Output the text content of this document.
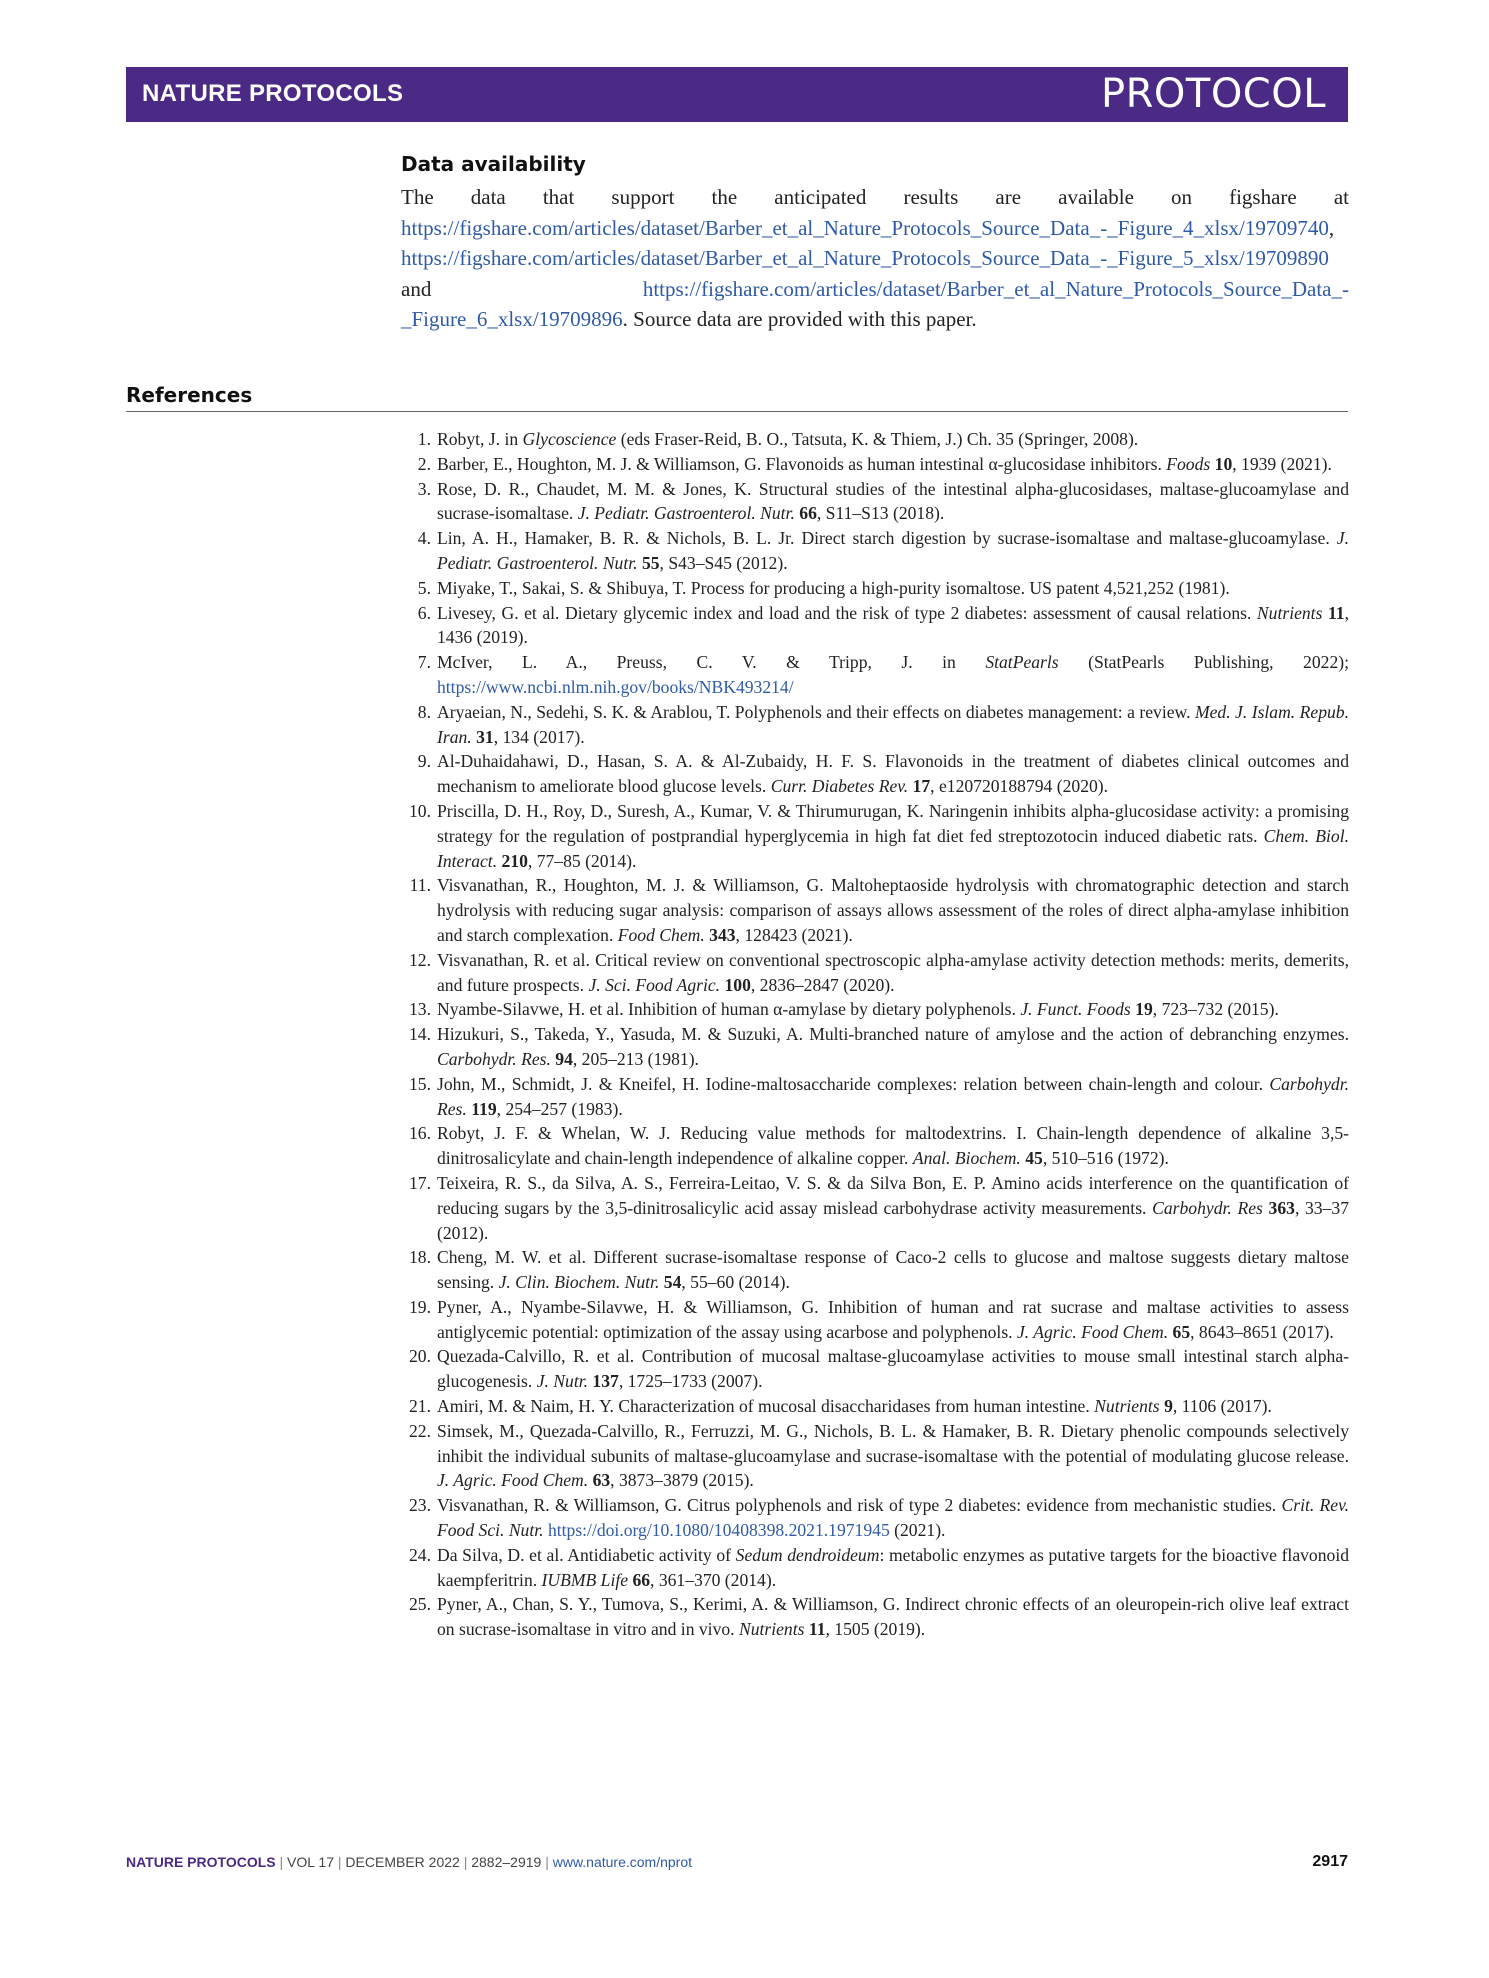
NATURE PROTOCOLS	PROTOCOL
Data availability
The data that support the anticipated results are available on figshare at https://figshare.com/articles/dataset/Barber_et_al_Nature_Protocols_Source_Data_-_Figure_4_xlsx/19709740, https://figshare.com/articles/dataset/Barber_et_al_Nature_Protocols_Source_Data_-_Figure_5_xlsx/19709890 and https://figshare.com/articles/dataset/Barber_et_al_Nature_Protocols_Source_Data_-_Figure_6_xlsx/19709896. Source data are provided with this paper.
References
1. Robyt, J. in Glycoscience (eds Fraser-Reid, B. O., Tatsuta, K. & Thiem, J.) Ch. 35 (Springer, 2008).
2. Barber, E., Houghton, M. J. & Williamson, G. Flavonoids as human intestinal α-glucosidase inhibitors. Foods 10, 1939 (2021).
3. Rose, D. R., Chaudet, M. M. & Jones, K. Structural studies of the intestinal alpha-glucosidases, maltase-glucoamylase and sucrase-isomaltase. J. Pediatr. Gastroenterol. Nutr. 66, S11–S13 (2018).
4. Lin, A. H., Hamaker, B. R. & Nichols, B. L. Jr. Direct starch digestion by sucrase-isomaltase and maltase-glucoamylase. J. Pediatr. Gastroenterol. Nutr. 55, S43–S45 (2012).
5. Miyake, T., Sakai, S. & Shibuya, T. Process for producing a high-purity isomaltose. US patent 4,521,252 (1981).
6. Livesey, G. et al. Dietary glycemic index and load and the risk of type 2 diabetes: assessment of causal relations. Nutrients 11, 1436 (2019).
7. McIver, L. A., Preuss, C. V. & Tripp, J. in StatPearls (StatPearls Publishing, 2022); https://www.ncbi.nlm.nih.gov/books/NBK493214/
8. Aryaeian, N., Sedehi, S. K. & Arablou, T. Polyphenols and their effects on diabetes management: a review. Med. J. Islam. Repub. Iran. 31, 134 (2017).
9. Al-Duhaidahawi, D., Hasan, S. A. & Al-Zubaidy, H. F. S. Flavonoids in the treatment of diabetes clinical outcomes and mechanism to ameliorate blood glucose levels. Curr. Diabetes Rev. 17, e120720188794 (2020).
10. Priscilla, D. H., Roy, D., Suresh, A., Kumar, V. & Thirumurugan, K. Naringenin inhibits alpha-glucosidase activity: a promising strategy for the regulation of postprandial hyperglycemia in high fat diet fed streptozotocin induced diabetic rats. Chem. Biol. Interact. 210, 77–85 (2014).
11. Visvanathan, R., Houghton, M. J. & Williamson, G. Maltoheptaoside hydrolysis with chromatographic detection and starch hydrolysis with reducing sugar analysis: comparison of assays allows assessment of the roles of direct alpha-amylase inhibition and starch complexation. Food Chem. 343, 128423 (2021).
12. Visvanathan, R. et al. Critical review on conventional spectroscopic alpha-amylase activity detection methods: merits, demerits, and future prospects. J. Sci. Food Agric. 100, 2836–2847 (2020).
13. Nyambe-Silavwe, H. et al. Inhibition of human α-amylase by dietary polyphenols. J. Funct. Foods 19, 723–732 (2015).
14. Hizukuri, S., Takeda, Y., Yasuda, M. & Suzuki, A. Multi-branched nature of amylose and the action of debranching enzymes. Carbohydr. Res. 94, 205–213 (1981).
15. John, M., Schmidt, J. & Kneifel, H. Iodine-maltosaccharide complexes: relation between chain-length and colour. Carbohydr. Res. 119, 254–257 (1983).
16. Robyt, J. F. & Whelan, W. J. Reducing value methods for maltodextrins. I. Chain-length dependence of alkaline 3,5-dinitrosalicylate and chain-length independence of alkaline copper. Anal. Biochem. 45, 510–516 (1972).
17. Teixeira, R. S., da Silva, A. S., Ferreira-Leitao, V. S. & da Silva Bon, E. P. Amino acids interference on the quantification of reducing sugars by the 3,5-dinitrosalicylic acid assay mislead carbohydrase activity measurements. Carbohydr. Res 363, 33–37 (2012).
18. Cheng, M. W. et al. Different sucrase-isomaltase response of Caco-2 cells to glucose and maltose suggests dietary maltose sensing. J. Clin. Biochem. Nutr. 54, 55–60 (2014).
19. Pyner, A., Nyambe-Silavwe, H. & Williamson, G. Inhibition of human and rat sucrase and maltase activities to assess antiglycemic potential: optimization of the assay using acarbose and polyphenols. J. Agric. Food Chem. 65, 8643–8651 (2017).
20. Quezada-Calvillo, R. et al. Contribution of mucosal maltase-glucoamylase activities to mouse small intestinal starch alpha-glucogenesis. J. Nutr. 137, 1725–1733 (2007).
21. Amiri, M. & Naim, H. Y. Characterization of mucosal disaccharidases from human intestine. Nutrients 9, 1106 (2017).
22. Simsek, M., Quezada-Calvillo, R., Ferruzzi, M. G., Nichols, B. L. & Hamaker, B. R. Dietary phenolic compounds selectively inhibit the individual subunits of maltase-glucoamylase and sucrase-isomaltase with the potential of modulating glucose release. J. Agric. Food Chem. 63, 3873–3879 (2015).
23. Visvanathan, R. & Williamson, G. Citrus polyphenols and risk of type 2 diabetes: evidence from mechanistic studies. Crit. Rev. Food Sci. Nutr. https://doi.org/10.1080/10408398.2021.1971945 (2021).
24. Da Silva, D. et al. Antidiabetic activity of Sedum dendroideum: metabolic enzymes as putative targets for the bioactive flavonoid kaempferitrin. IUBMB Life 66, 361–370 (2014).
25. Pyner, A., Chan, S. Y., Tumova, S., Kerimi, A. & Williamson, G. Indirect chronic effects of an oleuropein-rich olive leaf extract on sucrase-isomaltase in vitro and in vivo. Nutrients 11, 1505 (2019).
NATURE PROTOCOLS | VOL 17 | DECEMBER 2022 | 2882–2919 | www.nature.com/nprot	2917
